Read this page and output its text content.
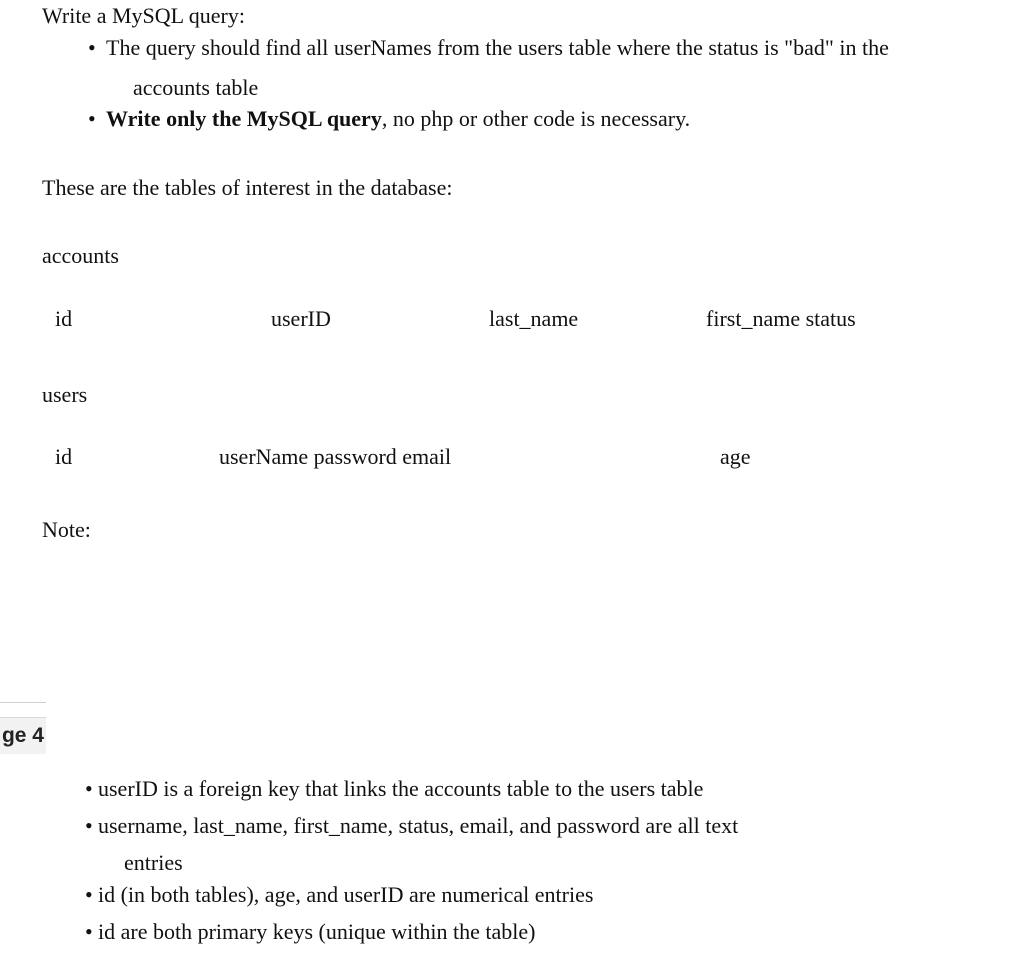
Write a MySQL query:
• The query should find all userNames from the users table where the status is "bad" in the
accounts table
• Write only the MySQL query, no php or other code is necessary.
These are the tables of interest in the database:
accounts
id	userID	last_name	first_name status
users
id	userName password email	age
Note:
ge 4
• userID is a foreign key that links the accounts table to the users table
• username, last_name, first_name, status, email, and password are all text
entries
• id (in both tables), age, and userID are numerical entries
• id are both primary keys (unique within the table)
